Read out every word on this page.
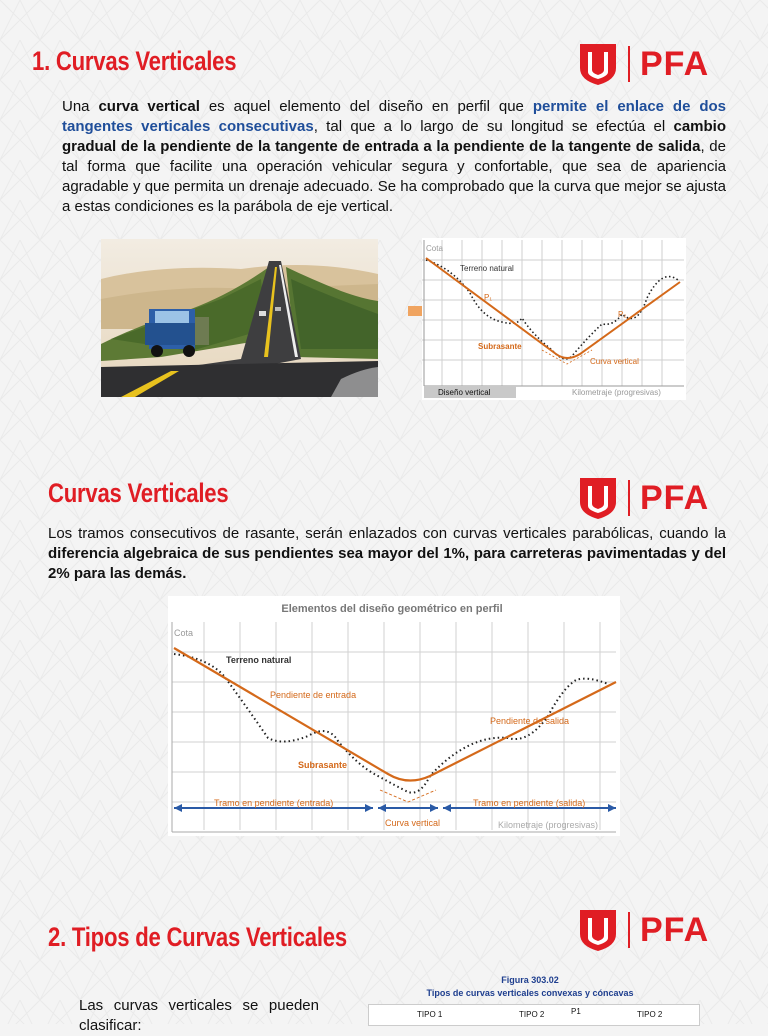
1. Curvas Verticales	PFA
Una curva vertical es aquel elemento del diseño en perfil que permite el enlace de dos tangentes verticales consecutivas, tal que a lo largo de su longitud se efectúa el cambio gradual de la pendiente de la tangente de entrada a la pendiente de la tangente de salida, de tal forma que facilite una operación vehicular segura y confortable, que sea de apariencia agradable y que permita un drenaje adecuado. Se ha comprobado que la curva que mejor se ajusta a estas condiciones es la parábola de eje vertical.
Cota
Terreno natural
P₁
P₂
Subrasante
Curva vertical
Diseño vertical	Kilometraje (progresivas)
Curvas Verticales	PFA
Los tramos consecutivos de rasante, serán enlazados con curvas verticales parabólicas, cuando la diferencia algebraica de sus pendientes sea mayor del 1%, para carreteras pavimentadas y del 2% para las demás.
Elementos del diseño geométrico en perfil
Cota
Terreno natural
Pendiente de entrada
Pendiente de salida
Subrasante
Tramo en pendiente (entrada)	Tramo en pendiente (salida)
Curva vertical	Kilometraje (progresivas)
2. Tipos de Curvas Verticales	PFA
Las curvas verticales se pueden clasificar:
Figura 303.02
Tipos de curvas verticales convexas y cóncavas
TIPO 1	TIPO 2	P1	TIPO 2
